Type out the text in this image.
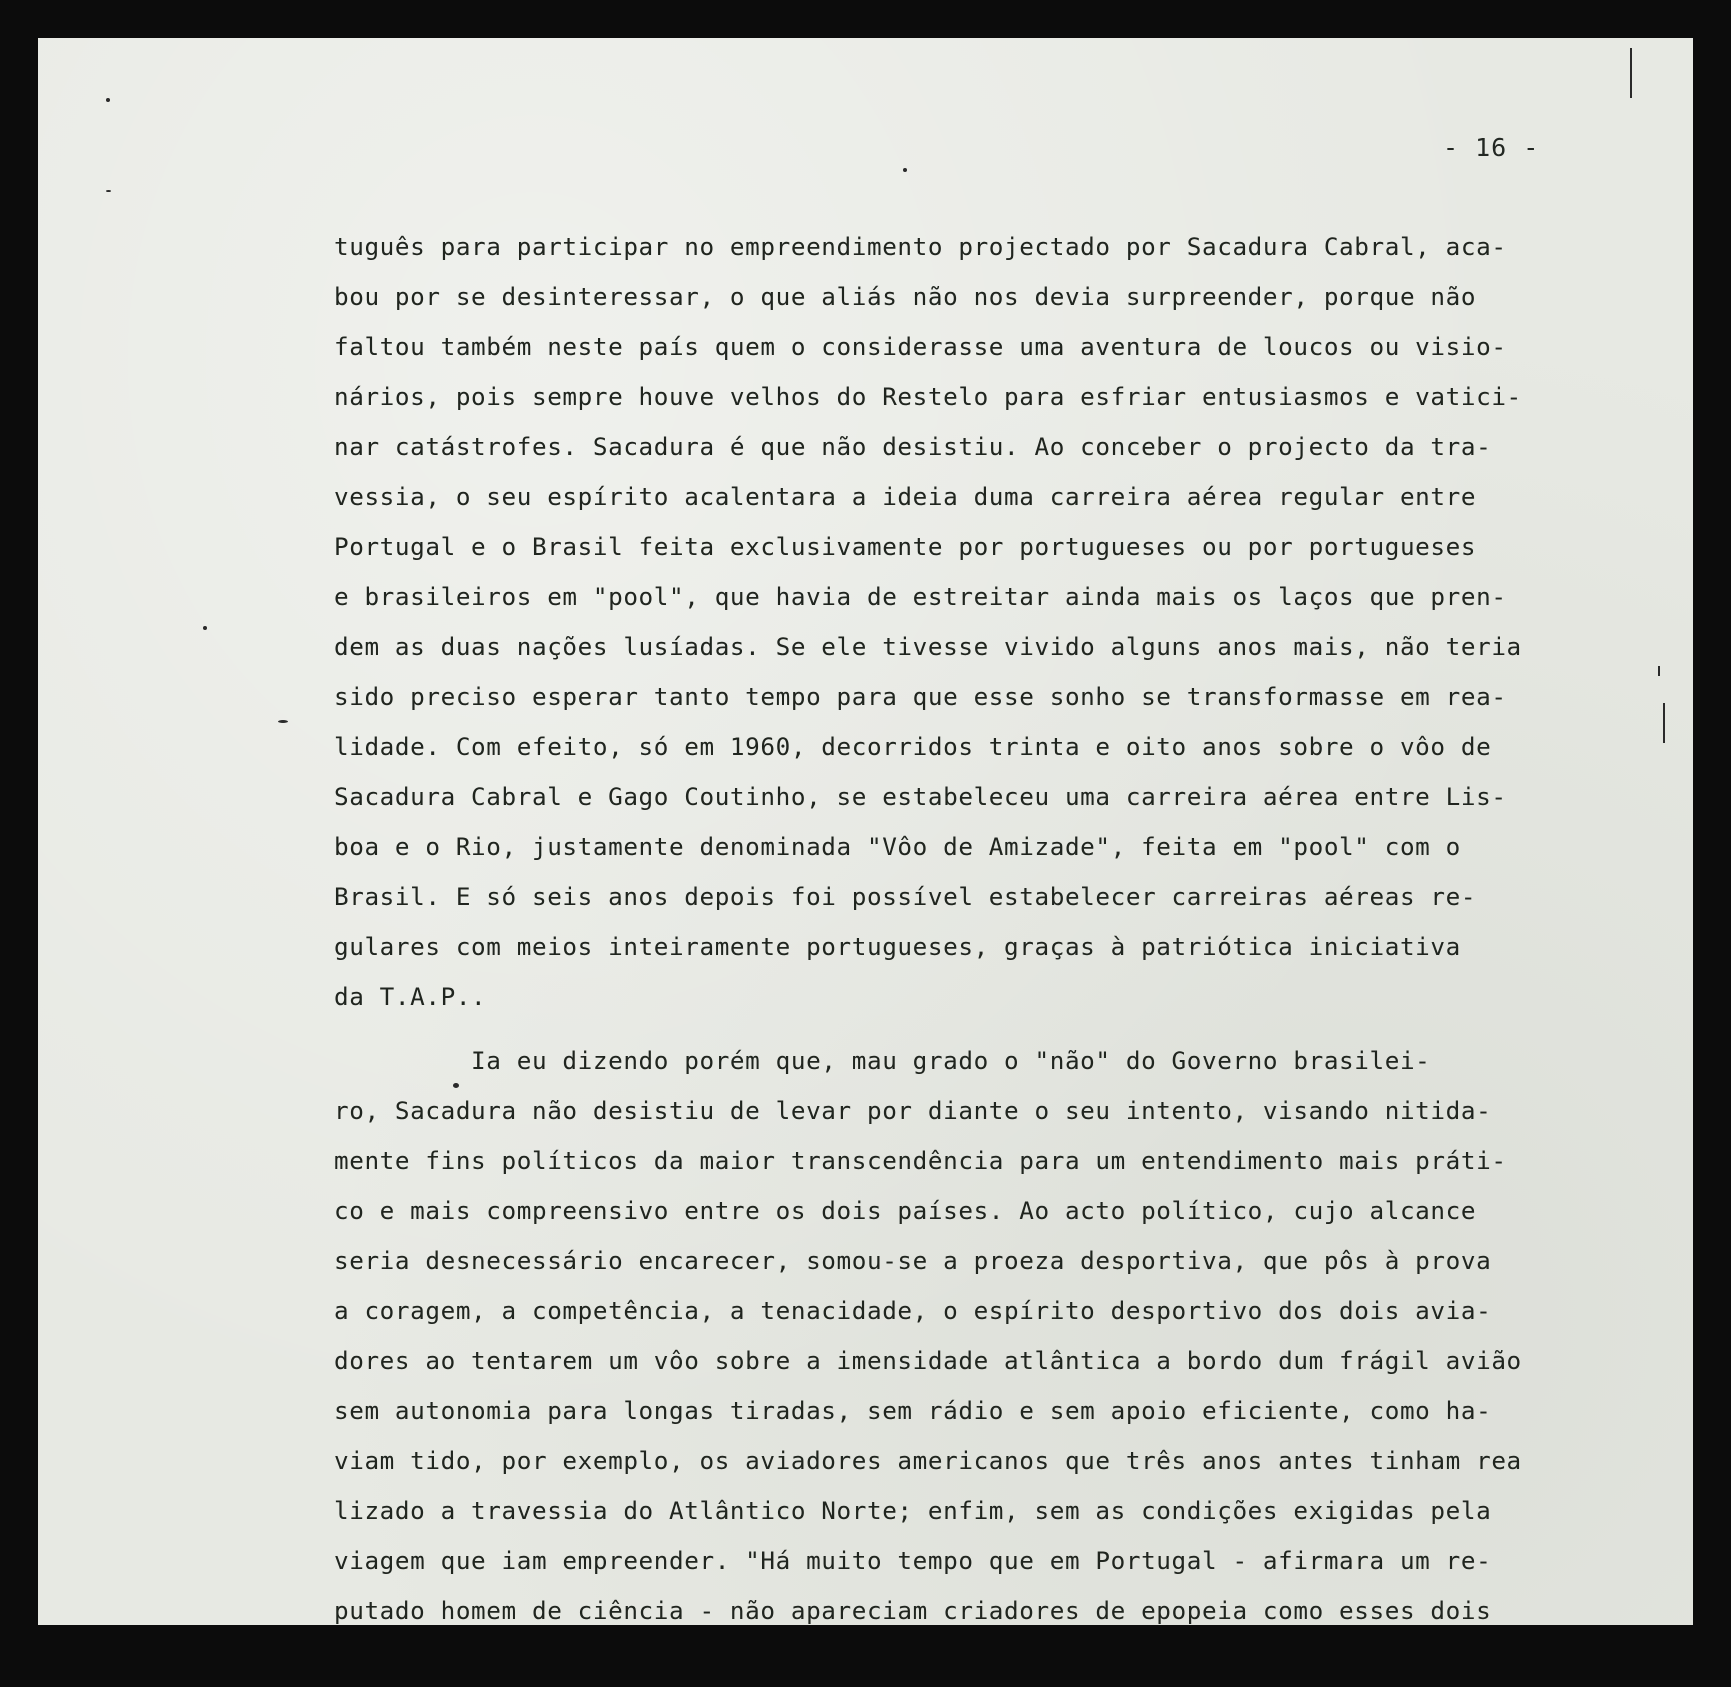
- 16 -
tuguês para participar no empreendimento projectado por Sacadura Cabral, aca-
bou por se desinteressar, o que aliás não nos devia surpreender, porque não
faltou também neste país quem o considerasse uma aventura de loucos ou visio-
nários, pois sempre houve velhos do Restelo para esfriar entusiasmos e vatici-
nar catástrofes. Sacadura é que não desistiu. Ao conceber o projecto da tra-
vessia, o seu espírito acalentara a ideia duma carreira aérea regular entre
Portugal e o Brasil feita exclusivamente por portugueses ou por portugueses
e brasileiros em "pool", que havia de estreitar ainda mais os laços que pren-
dem as duas nações lusíadas. Se ele tivesse vivido alguns anos mais, não teria
sido preciso esperar tanto tempo para que esse sonho se transformasse em rea-
lidade. Com efeito, só em 1960, decorridos trinta e oito anos sobre o vôo de
Sacadura Cabral e Gago Coutinho, se estabeleceu uma carreira aérea entre Lis-
boa e o Rio, justamente denominada "Vôo de Amizade", feita em "pool" com o
Brasil. E só seis anos depois foi possível estabelecer carreiras aéreas re-
gulares com meios inteiramente portugueses, graças à patriótica iniciativa
da T.A.P..
Ia eu dizendo porém que, mau grado o "não" do Governo brasilei-
ro, Sacadura não desistiu de levar por diante o seu intento, visando nitida-
mente fins políticos da maior transcendência para um entendimento mais práti-
co e mais compreensivo entre os dois países. Ao acto político, cujo alcance
seria desnecessário encarecer, somou-se a proeza desportiva, que pôs à prova
a coragem, a competência, a tenacidade, o espírito desportivo dos dois avia-
dores ao tentarem um vôo sobre a imensidade atlântica a bordo dum frágil avião
sem autonomia para longas tiradas, sem rádio e sem apoio eficiente, como ha-
viam tido, por exemplo, os aviadores americanos que três anos antes tinham rea
lizado a travessia do Atlântico Norte; enfim, sem as condições exigidas pela
viagem que iam empreender. "Há muito tempo que em Portugal - afirmara um re-
putado homem de ciência - não apareciam criadores de epopeia como esses dois
